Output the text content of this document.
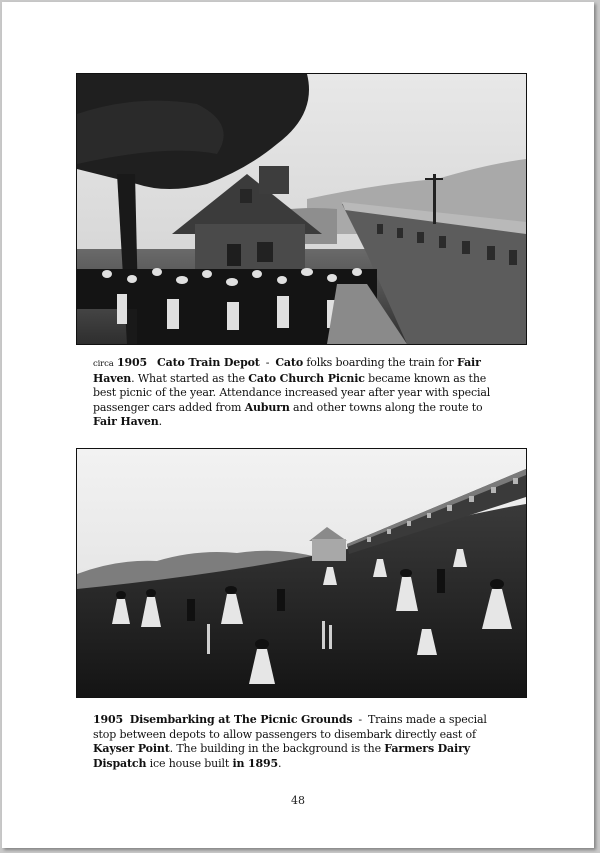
circa 1905 Cato Train Depot - Cato folks boarding the train for Fair Haven. What started as the Cato Church Picnic became known as the best picnic of the year. Attendance increased year after year with special passenger cars added from Auburn and other towns along the route to Fair Haven.
1905 Disembarking at The Picnic Grounds - Trains made a special stop between depots to allow passengers to disembark directly east of Kayser Point. The building in the background is the Farmers Dairy Dispatch ice house built in 1895.
48
